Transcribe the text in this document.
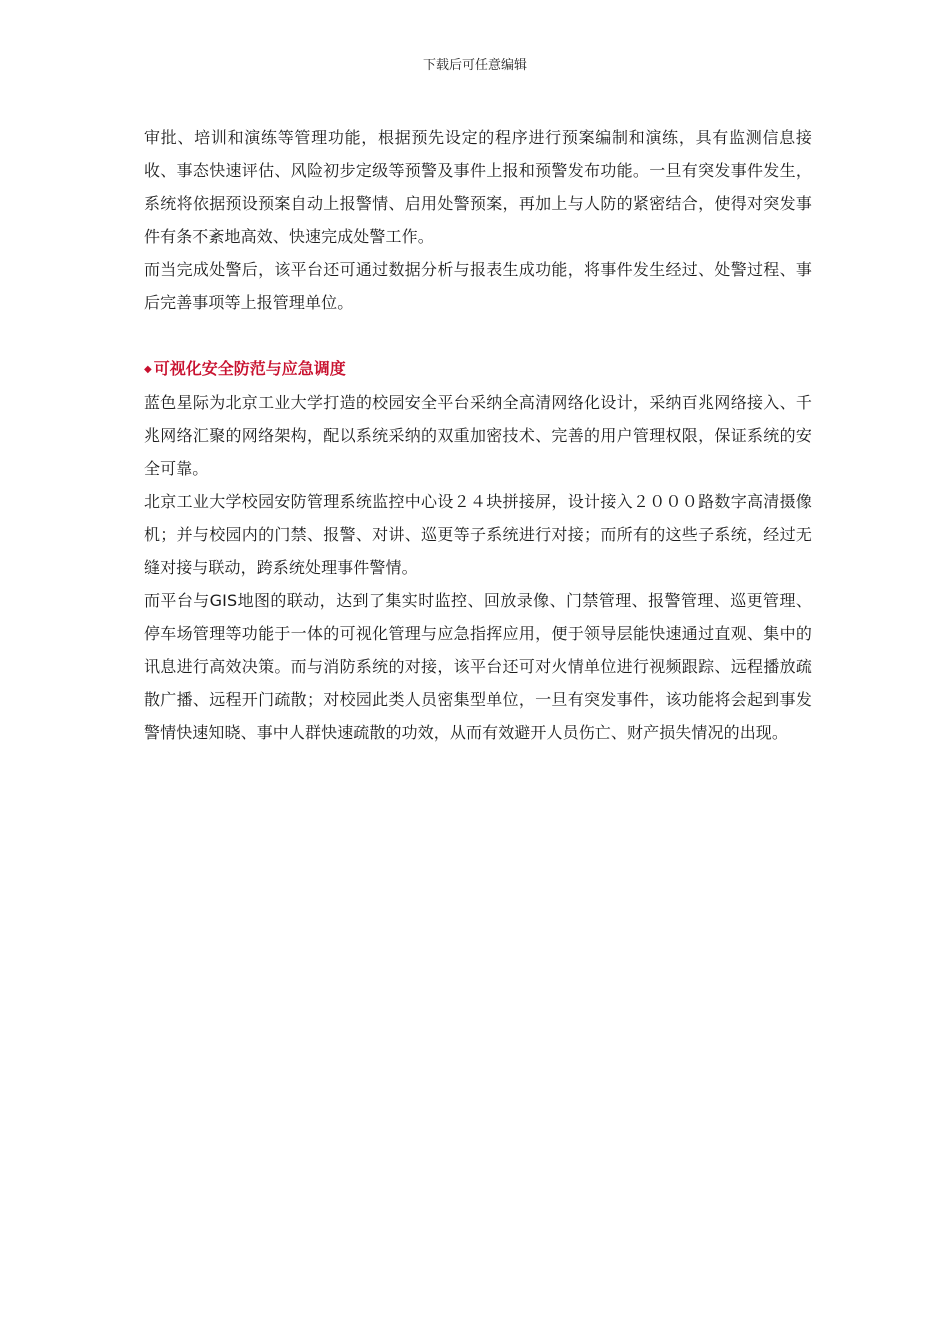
下载后可任意编辑

审批、培训和演练等管理功能，根据预先设定的程序进行预案编制和演练，具有监测信息接收、事态快速评估、风险初步定级等预警及事件上报和预警发布功能。一旦有突发事件发生，系统将依据预设预案自动上报警情、启用处警预案，再加上与人防的紧密结合，使得对突发事件有条不紊地高效、快速完成处警工作。

而当完成处警后，该平台还可通过数据分析与报表生成功能，将事件发生经过、处警过程、事后完善事项等上报管理单位。

◆ 可视化安全防范与应急调度

蓝色星际为北京工业大学打造的校园安全平台采纳全高清网络化设计，采纳百兆网络接入、千兆网络汇聚的网络架构，配以系统采纳的双重加密技术、完善的用户管理权限，保证系统的安全可靠。

北京工业大学校园安防管理系统监控中心设２４块拼接屏，设计接入２０００路数字高清摄像机；并与校园内的门禁、报警、对讲、巡更等子系统进行对接；而所有的这些子系统，经过无缝对接与联动，跨系统处理事件警情。

而平台与GIS地图的联动，达到了集实时监控、回放录像、门禁管理、报警管理、巡更管理、停车场管理等功能于一体的可视化管理与应急指挥应用，便于领导层能快速通过直观、集中的讯息进行高效决策。而与消防系统的对接，该平台还可对火情单位进行视频跟踪、远程播放疏散广播、远程开门疏散；对校园此类人员密集型单位，一旦有突发事件，该功能将会起到事发警情快速知晓、事中人群快速疏散的功效，从而有效避开人员伤亡、财产损失情况的出现。
